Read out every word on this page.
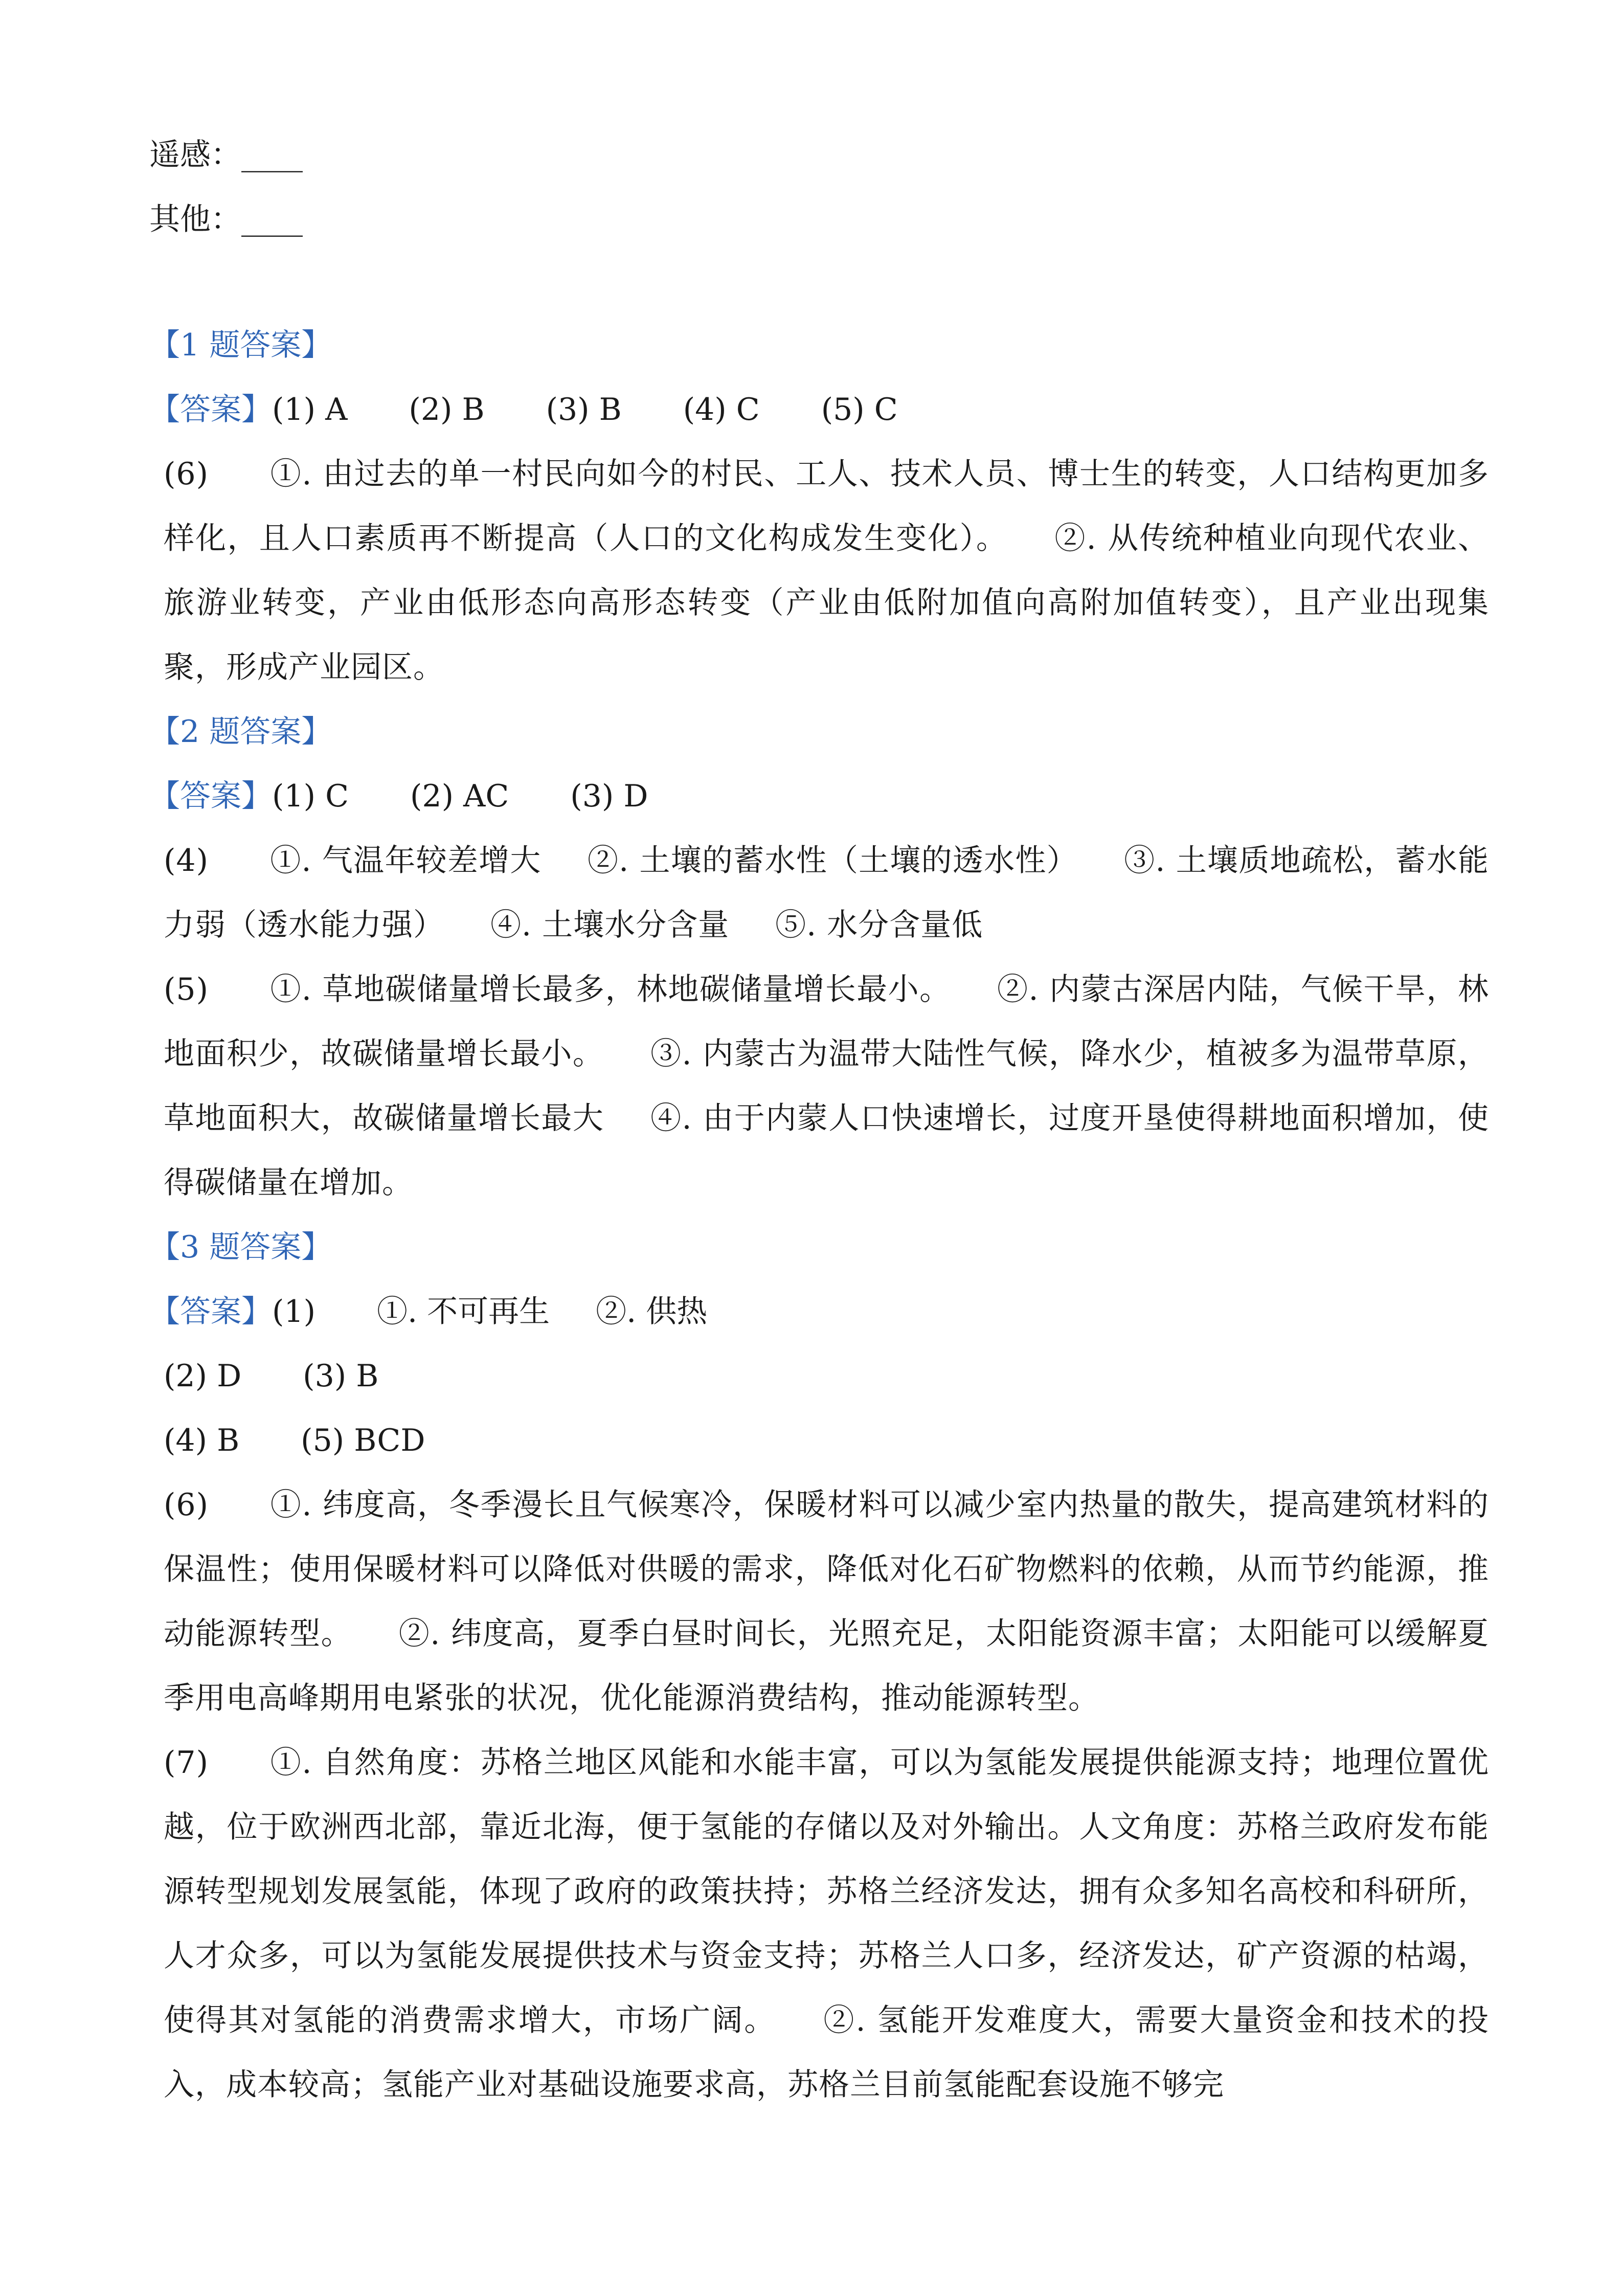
遥感：____
其他：____
【1 题答案】
【答案】(1) A (2) B (3) B (4) C (5) C
(6) ①. 由过去的单一村民向如今的村民、工人、技术人员、博士生的转变，人口结构更加多样化，且人口素质再不断提高（人口的文化构成发生变化）。 ②. 从传统种植业向现代农业、旅游业转变，产业由低形态向高形态转变（产业由低附加值向高附加值转变），且产业出现集聚，形成产业园区。
【2 题答案】
【答案】(1) C (2) AC (3) D
(4) ①. 气温年较差增大 ②. 土壤的蓄水性（土壤的透水性） ③. 土壤质地疏松，蓄水能力弱（透水能力强） ④. 土壤水分含量 ⑤. 水分含量低
(5) ①. 草地碳储量增长最多，林地碳储量增长最小。 ②. 内蒙古深居内陆，气候干旱，林地面积少，故碳储量增长最小。 ③. 内蒙古为温带大陆性气候，降水少，植被多为温带草原，草地面积大，故碳储量增长最大 ④. 由于内蒙人口快速增长，过度开垦使得耕地面积增加，使得碳储量在增加。
【3 题答案】
【答案】(1) ①. 不可再生 ②. 供热
(2) D (3) B
(4) B (5) BCD
(6) ①. 纬度高，冬季漫长且气候寒冷，保暖材料可以减少室内热量的散失，提高建筑材料的保温性；使用保暖材料可以降低对供暖的需求，降低对化石矿物燃料的依赖，从而节约能源，推动能源转型。 ②. 纬度高，夏季白昼时间长，光照充足，太阳能资源丰富；太阳能可以缓解夏季用电高峰期用电紧张的状况，优化能源消费结构，推动能源转型。
(7) ①. 自然角度：苏格兰地区风能和水能丰富，可以为氢能发展提供能源支持；地理位置优越，位于欧洲西北部，靠近北海，便于氢能的存储以及对外输出。人文角度：苏格兰政府发布能源转型规划发展氢能，体现了政府的政策扶持；苏格兰经济发达，拥有众多知名高校和科研所，人才众多，可以为氢能发展提供技术与资金支持；苏格兰人口多，经济发达，矿产资源的枯竭，使得其对氢能的消费需求增大，市场广阔。 ②. 氢能开发难度大，需要大量资金和技术的投入，成本较高；氢能产业对基础设施要求高，苏格兰目前氢能配套设施不够完
